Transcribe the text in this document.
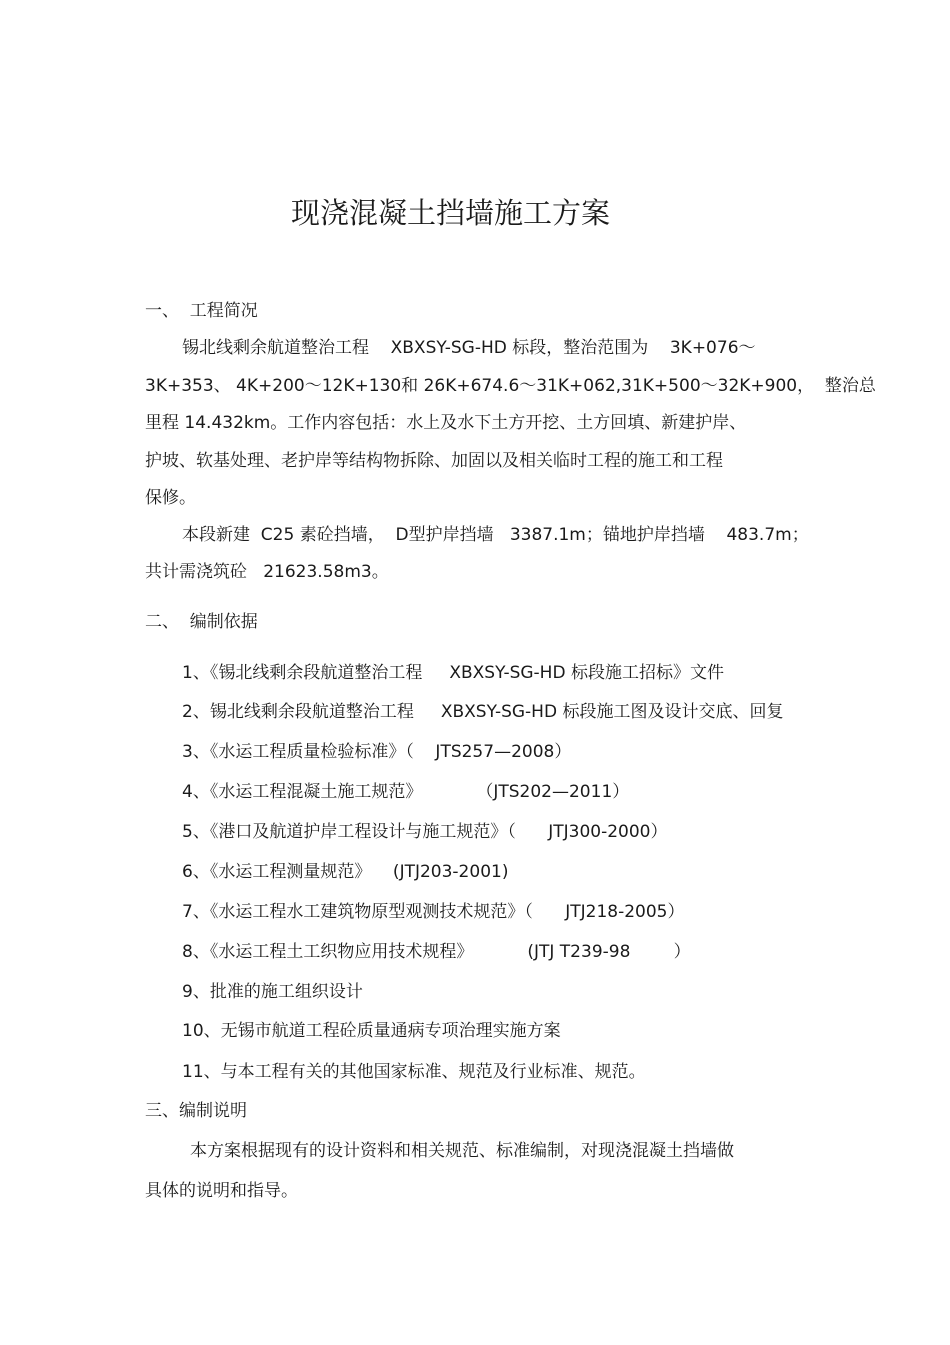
现浇混凝土挡墙施工方案
一、  工程简况
锡北线剩余航道整治工程    XBXSY-SG-HD 标段，整治范围为    3K+076～
3K+353、 4K+200～12K+130和 26K+674.6～31K+062,31K+500～32K+900，  整治总
里程 14.432km。工作内容包括：水上及水下土方开挖、土方回填、新建护岸、
护坡、软基处理、老护岸等结构物拆除、加固以及相关临时工程的施工和工程
保修。
本段新建  C25 素砼挡墙，  D型护岸挡墙   3387.1m；锚地护岸挡墙    483.7m；
共计需浇筑砼   21623.58m3。
二、  编制依据
1、《锡北线剩余段航道整治工程     XBXSY-SG-HD 标段施工招标》文件
2、锡北线剩余段航道整治工程     XBXSY-SG-HD 标段施工图及设计交底、回复
3、《水运工程质量检验标准》（    JTS257—2008）
4、《水运工程混凝土施工规范》          （JTS202—2011）
5、《港口及航道护岸工程设计与施工规范》（      JTJ300-2000）
6、《水运工程测量规范》    (JTJ203-2001)
7、《水运工程水工建筑物原型观测技术规范》（      JTJ218-2005）
8、《水运工程土工织物应用技术规程》          (JTJ T239-98        ）
9、批准的施工组织设计
10、无锡市航道工程砼质量通病专项治理实施方案
11、与本工程有关的其他国家标准、规范及行业标准、规范。
三、编制说明
本方案根据现有的设计资料和相关规范、标准编制，对现浇混凝土挡墙做
具体的说明和指导。
